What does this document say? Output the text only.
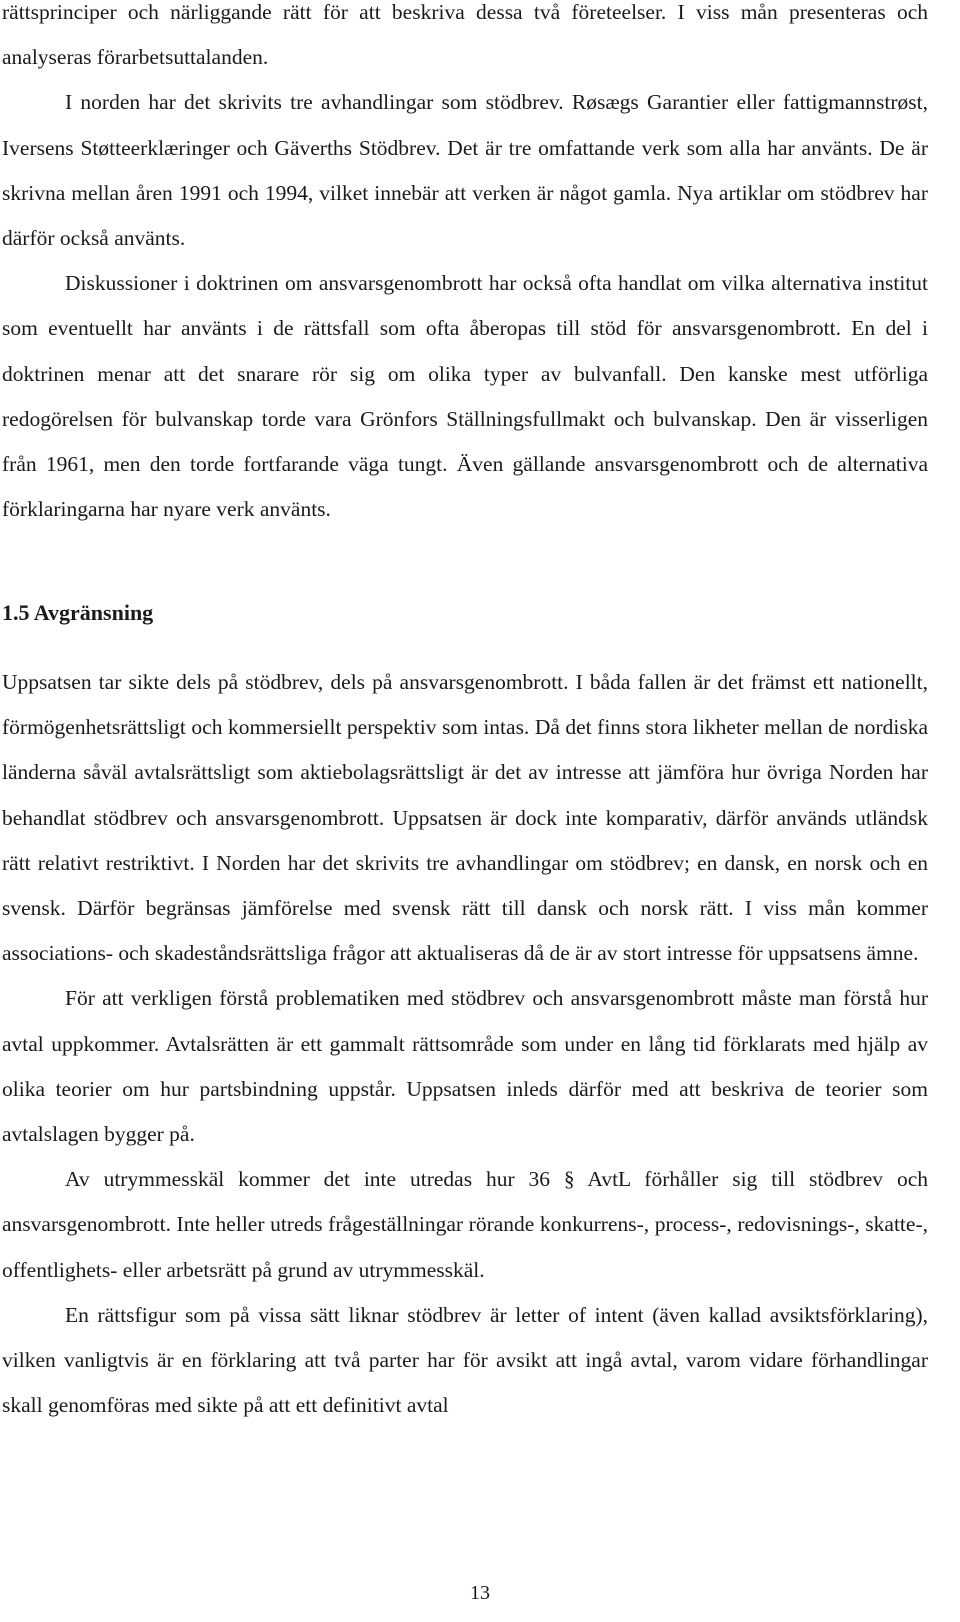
rättsprinciper och närliggande rätt för att beskriva dessa två företeelser. I viss mån presenteras och analyseras förarbetsuttalanden.
I norden har det skrivits tre avhandlingar som stödbrev. Røsægs Garantier eller fattigmannstrøst, Iversens Støtteerklæringer och Gäverths Stödbrev. Det är tre omfattande verk som alla har använts. De är skrivna mellan åren 1991 och 1994, vilket innebär att verken är något gamla. Nya artiklar om stödbrev har därför också använts.
Diskussioner i doktrinen om ansvarsgenombrott har också ofta handlat om vilka alternativa institut som eventuellt har använts i de rättsfall som ofta åberopas till stöd för ansvarsgenombrott. En del i doktrinen menar att det snarare rör sig om olika typer av bulvanfall. Den kanske mest utförliga redogörelsen för bulvanskap torde vara Grönfors Ställningsfullmakt och bulvanskap. Den är visserligen från 1961, men den torde fortfarande väga tungt. Även gällande ansvarsgenombrott och de alternativa förklaringarna har nyare verk använts.
1.5 Avgränsning
Uppsatsen tar sikte dels på stödbrev, dels på ansvarsgenombrott. I båda fallen är det främst ett nationellt, förmögenhetsrättsligt och kommersiellt perspektiv som intas. Då det finns stora likheter mellan de nordiska länderna såväl avtalsrättsligt som aktiebolagsrättsligt är det av intresse att jämföra hur övriga Norden har behandlat stödbrev och ansvarsgenombrott. Uppsatsen är dock inte komparativ, därför används utländsk rätt relativt restriktivt. I Norden har det skrivits tre avhandlingar om stödbrev; en dansk, en norsk och en svensk. Därför begränsas jämförelse med svensk rätt till dansk och norsk rätt. I viss mån kommer associations- och skadeståndsrättsliga frågor att aktualiseras då de är av stort intresse för uppsatsens ämne.
För att verkligen förstå problematiken med stödbrev och ansvarsgenombrott måste man förstå hur avtal uppkommer. Avtalsrätten är ett gammalt rättsområde som under en lång tid förklarats med hjälp av olika teorier om hur partsbindning uppstår. Uppsatsen inleds därför med att beskriva de teorier som avtalslagen bygger på.
Av utrymmesskäl kommer det inte utredas hur 36 § AvtL förhåller sig till stödbrev och ansvarsgenombrott. Inte heller utreds frågeställningar rörande konkurrens-, process-, redovisnings-, skatte-, offentlighets- eller arbetsrätt på grund av utrymmesskäl.
En rättsfigur som på vissa sätt liknar stödbrev är letter of intent (även kallad avsiktsförklaring), vilken vanligtvis är en förklaring att två parter har för avsikt att ingå avtal, varom vidare förhandlingar skall genomföras med sikte på att ett definitivt avtal

13
